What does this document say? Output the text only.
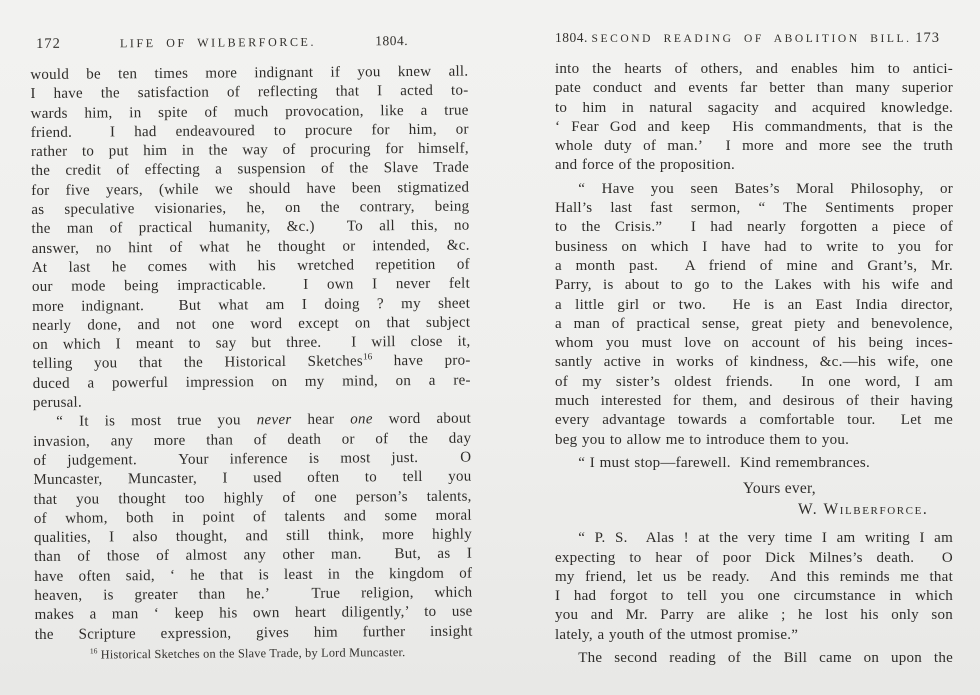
172	LIFE OF WILBERFORCE.	1804.
would be ten times more indignant if you knew all.
I have the satisfaction of reflecting that I acted to-
wards him, in spite of much provocation, like a true
friend.  I had endeavoured to procure for him, or
rather to put him in the way of procuring for himself,
the credit of effecting a suspension of the Slave Trade
for five years, (while we should have been stigmatized
as speculative visionaries, he, on the contrary, being
the man of practical humanity, &c.)  To all this, no
answer, no hint of what he thought or intended, &c.
At last he comes with his wretched repetition of
our mode being impracticable.  I own I never felt
more indignant.  But what am I doing ? my sheet
nearly done, and not one word except on that subject
on which I meant to say but three.  I will close it,
telling you that the Historical Sketches$^{16}$ have pro-
duced a powerful impression on my mind, on a re-
perusal.
“ It is most true you never hear one word about
invasion, any more than of death or of the day
of judgement.  Your inference is most just.  O
Muncaster, Muncaster, I used often to tell you
that you thought too highly of one person’s talents,
of whom, both in point of talents and some moral
qualities, I also thought, and still think, more highly
than of those of almost any other man.  But, as I
have often said, ‘ he that is least in the kingdom of
heaven, is greater than he.’  True religion, which
makes a man ‘ keep his own heart diligently,’ to use
the Scripture expression, gives him further insight
$^{16}$ Historical Sketches on the Slave Trade, by Lord Muncaster.
1804. SECOND READING OF ABOLITION BILL. 173
into the hearts of others, and enables him to antici-
pate conduct and events far better than many superior
to him in natural sagacity and acquired knowledge.
‘ Fear God and keep  His commandments, that is the
whole duty of man.’  I more and more see the truth
and force of the proposition.
“ Have you seen Bates’s Moral Philosophy, or
Hall’s last fast sermon, “ The Sentiments proper
to the Crisis.”  I had nearly forgotten a piece of
business on which I have had to write to you for
a month past.  A friend of mine and Grant’s, Mr.
Parry, is about to go to the Lakes with his wife and
a little girl or two.  He is an East India director,
a man of practical sense, great piety and benevolence,
whom you must love on account of his being inces-
santly active in works of kindness, &c.—his wife, one
of my sister’s oldest friends.  In one word, I am
much interested for them, and desirous of their having
every advantage towards a comfortable tour.  Let me
beg you to allow me to introduce them to you.
“ I must stop—farewell.  Kind remembrances.
Yours ever,
W. Wilberforce.
“ P. S.  Alas ! at the very time I am writing I am
expecting to hear of poor Dick Milnes’s death.  O
my friend, let us be ready.  And this reminds me that
I had forgot to tell you one circumstance in which
you and Mr. Parry are alike ; he lost his only son
lately, a youth of the utmost promise.”
The second reading of the Bill came on upon the
